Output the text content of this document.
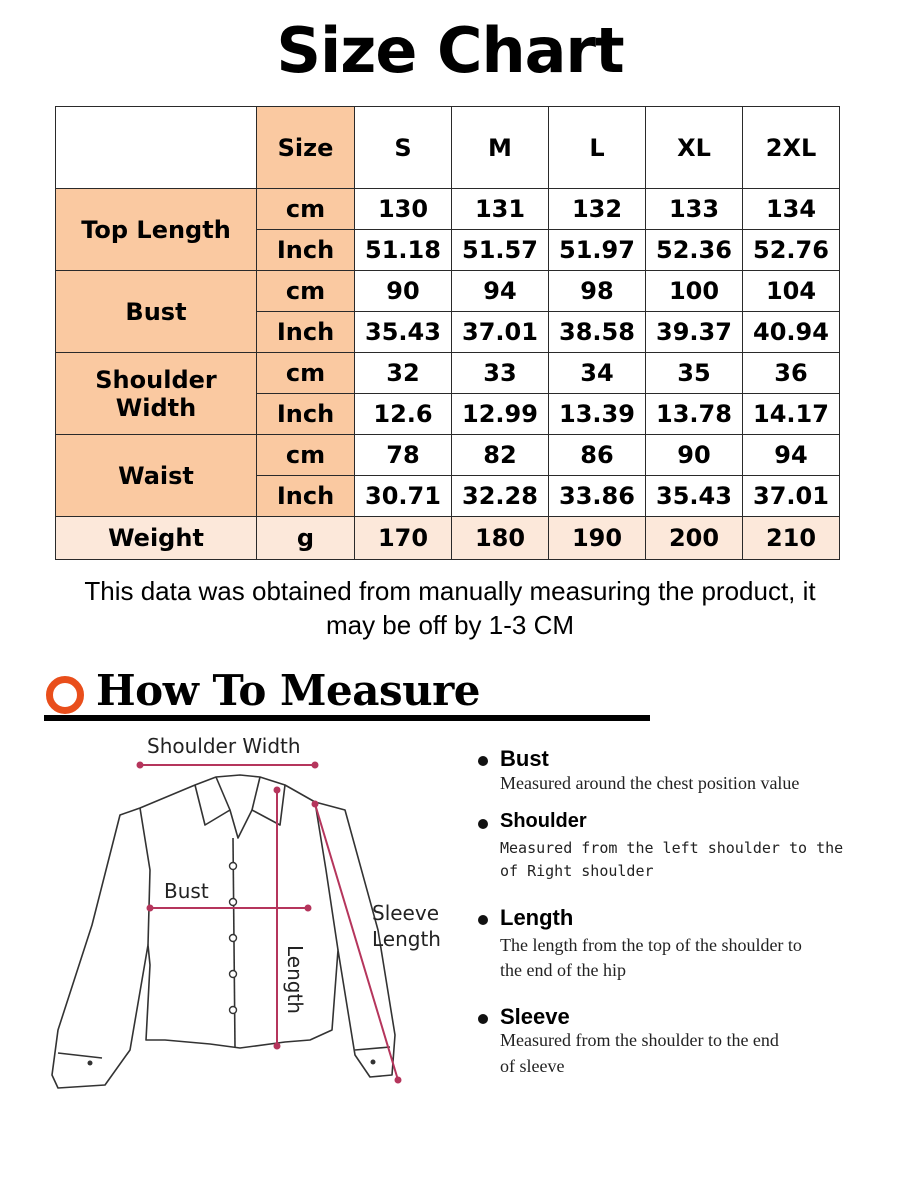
Size Chart
	Size	S	M	L	XL	2XL
Top Length	cm	130	131	132	133	134
	Inch	51.18	51.57	51.97	52.36	52.76
Bust	cm	90	94	98	100	104
	Inch	35.43	37.01	38.58	39.37	40.94
Shoulder Width	cm	32	33	34	35	36
	Inch	12.6	12.99	13.39	13.78	14.17
Waist	cm	78	82	86	90	94
	Inch	30.71	32.28	33.86	35.43	37.01
Weight	g	170	180	190	200	210
This data was obtained from manually measuring the product, it
may be off by 1-3 CM
How To Measure
Shoulder Width
Bust
Sleeve
Length
Length
Bust
Measured around the chest position value
Shoulder
Measured from the left shoulder to the
of Right shoulder
Length
The length from the top of the shoulder to
the end of the hip
Sleeve
Measured from the shoulder to the end
of sleeve
